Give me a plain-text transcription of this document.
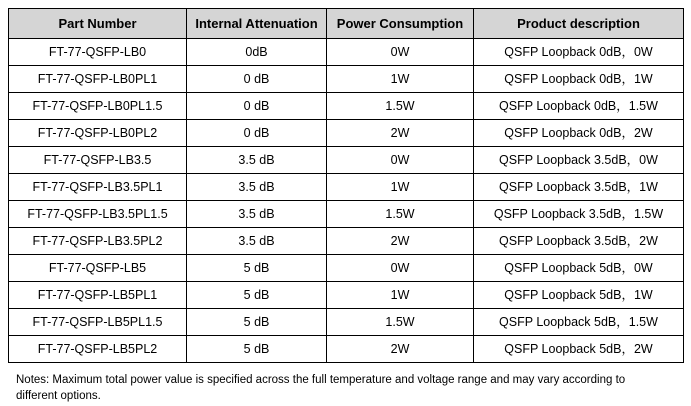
Part Number	Internal Attenuation	Power Consumption	Product description
FT-77-QSFP-LB0	0dB	0W	QSFP Loopback 0dB，0W
FT-77-QSFP-LB0PL1	0 dB	1W	QSFP Loopback 0dB，1W
FT-77-QSFP-LB0PL1.5	0 dB	1.5W	QSFP Loopback 0dB，1.5W
FT-77-QSFP-LB0PL2	0 dB	2W	QSFP Loopback 0dB，2W
FT-77-QSFP-LB3.5	3.5 dB	0W	QSFP Loopback 3.5dB，0W
FT-77-QSFP-LB3.5PL1	3.5 dB	1W	QSFP Loopback 3.5dB，1W
FT-77-QSFP-LB3.5PL1.5	3.5 dB	1.5W	QSFP Loopback 3.5dB，1.5W
FT-77-QSFP-LB3.5PL2	3.5 dB	2W	QSFP Loopback 3.5dB，2W
FT-77-QSFP-LB5	5 dB	0W	QSFP Loopback 5dB，0W
FT-77-QSFP-LB5PL1	5 dB	1W	QSFP Loopback 5dB，1W
FT-77-QSFP-LB5PL1.5	5 dB	1.5W	QSFP Loopback 5dB，1.5W
FT-77-QSFP-LB5PL2	5 dB	2W	QSFP Loopback 5dB，2W
Notes: Maximum total power value is specified across the full temperature and voltage range and may vary according to
different options.
